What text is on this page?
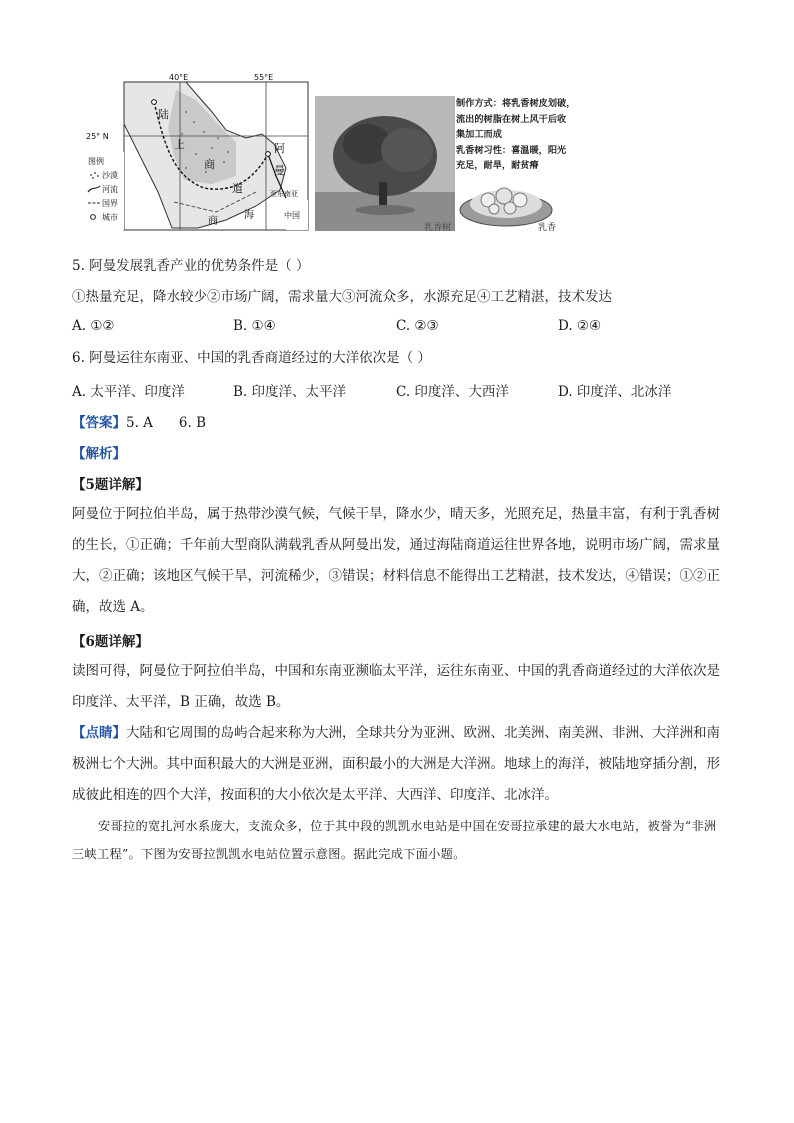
40°E	55°E
25° N
陆
上
商
道
阿
曼
至东南亚
中国
商
海
图例
沙漠
河流
国界
城市
制作方式：将乳香树皮划破，
流出的树脂在树上风干后收
集加工而成
乳香树习性：喜温暖，阳光
充足，耐旱，耐贫瘠
乳香树	乳香
5. 阿曼发展乳香产业的优势条件是（ ）
①热量充足，降水较少②市场广阔，需求量大③河流众多，水源充足④工艺精湛，技术发达
A. ①②	B. ①④	C. ②③	D. ②④
6. 阿曼运往东南亚、中国的乳香商道经过的大洋依次是（ ）
A. 太平洋、印度洋	B. 印度洋、太平洋	C. 印度洋、大西洋	D. 印度洋、北冰洋
【答案】5. A 6. B
【解析】
【5题详解】
阿曼位于阿拉伯半岛，属于热带沙漠气候，气候干旱，降水少，晴天多，光照充足，热量丰富，有利于乳香树的生长，①正确；千年前大型商队满载乳香从阿曼出发，通过海陆商道运往世界各地，说明市场广阔，需求量大，②正确；该地区气候干旱，河流稀少，③错误；材料信息不能得出工艺精湛，技术发达，④错误；①②正确，故选 A。
【6题详解】
读图可得，阿曼位于阿拉伯半岛，中国和东南亚濒临太平洋，运往东南亚、中国的乳香商道经过的大洋依次是印度洋、太平洋，B 正确，故选 B。
【点睛】大陆和它周围的岛屿合起来称为大洲，全球共分为亚洲、欧洲、北美洲、南美洲、非洲、大洋洲和南极洲七个大洲。其中面积最大的大洲是亚洲，面积最小的大洲是大洋洲。地球上的海洋，被陆地穿插分割，形成彼此相连的四个大洋，按面积的大小依次是太平洋、大西洋、印度洋、北冰洋。
安哥拉的宽扎河水系庞大，支流众多，位于其中段的凯凯水电站是中国在安哥拉承建的最大水电站，被誉为“非洲三峡工程”。下图为安哥拉凯凯水电站位置示意图。据此完成下面小题。
